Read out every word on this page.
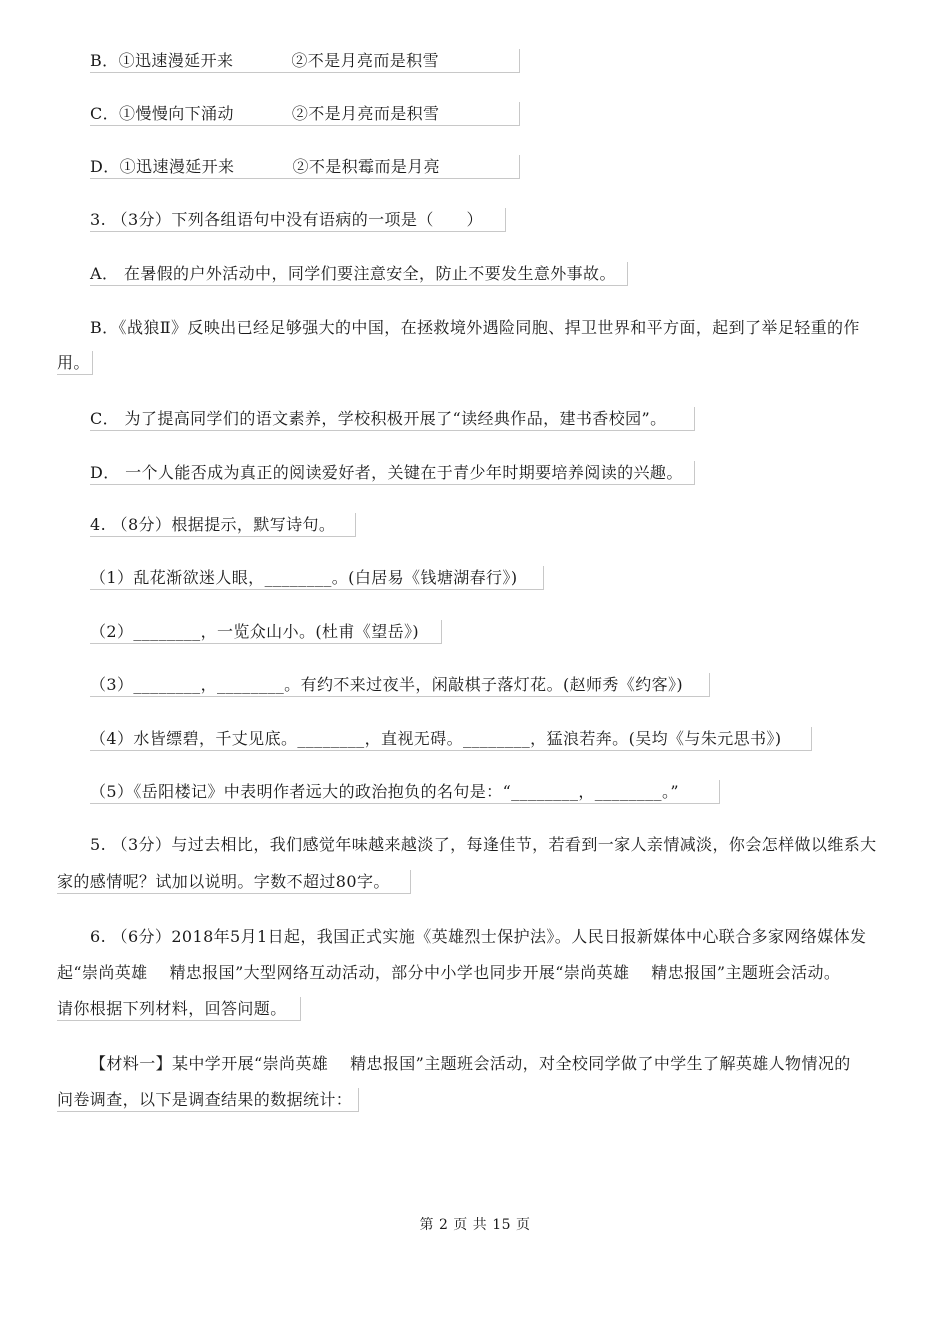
B．①迅速漫延开来	②不是月亮而是积雪
C．①慢慢向下涌动	②不是月亮而是积雪
D．①迅速漫延开来	②不是积霉而是月亮
3. （3分）下列各组语句中没有语病的一项是（　　）
A． 在暑假的户外活动中，同学们要注意安全，防止不要发生意外事故。
B．《战狼Ⅱ》反映出已经足够强大的中国，在拯救境外遇险同胞、捍卫世界和平方面，起到了举足轻重的作
用。
C． 为了提高同学们的语文素养，学校积极开展了“读经典作品，建书香校园”。
D． 一个人能否成为真正的阅读爱好者，关键在于青少年时期要培养阅读的兴趣。
4. （8分）根据提示，默写诗句。
（1）乱花渐欲迷人眼，________。(白居易《钱塘湖春行》)
（2）________，一览众山小。(杜甫《望岳》)
（3）________，________。有约不来过夜半，闲敲棋子落灯花。(赵师秀《约客》)
（4）水皆缥碧，千丈见底。________，直视无碍。________，猛浪若奔。(吴均《与朱元思书》)
（5）《岳阳楼记》中表明作者远大的政治抱负的名句是：“________，________。”
5. （3分）与过去相比，我们感觉年味越来越淡了，每逢佳节，若看到一家人亲情减淡，你会怎样做以维系大
家的感情呢？试加以说明。字数不超过80字。
6. （6分）2018年5月1日起，我国正式实施《英雄烈士保护法》。人民日报新媒体中心联合多家网络媒体发
起“崇尚英雄　 精忠报国”大型网络互动活动，部分中小学也同步开展“崇尚英雄　 精忠报国”主题班会活动。
请你根据下列材料，回答问题。
【材料一】某中学开展“崇尚英雄　 精忠报国”主题班会活动，对全校同学做了中学生了解英雄人物情况的
问卷调查，以下是调查结果的数据统计：
第 2 页 共 15 页
